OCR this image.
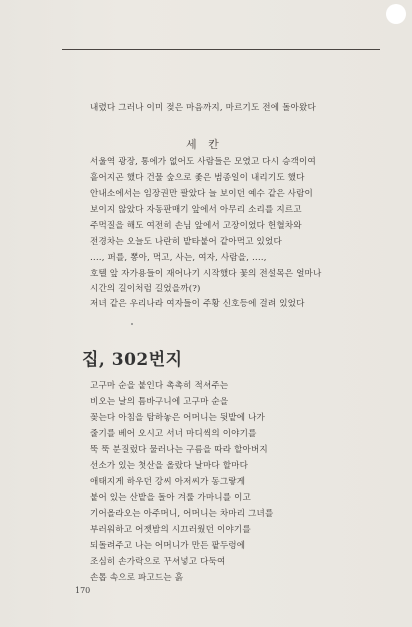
내렸다 그러나 이미 젖은 마음까지, 마르기도 전에 돌아왔다
세 칸
서울역 광장, 통에가 없어도 사람들은 모였고 다시 승객이여
흩어지곤 했다 건물 숲으로 좇은 범종일이 내리기도 했다
안내소에서는 임장권만 팔았다 늘 보이던 예수 같은 사람이
보이지 않았다 자동판매기 앞에서 아무리 소리를 지르고
주먹질을 해도 여전히 손님 앞에서 고장이었다 헌혈차와
전경차는 오늘도 나란히 밭타붙어 같아먹고 있었다
‥‥, 퍼를, 뽕아, 먹고, 사는, 여자, 사람을, ‥‥,
호텔 앞 자가용들이 재어나기 시작했다 꽃의 전설목은 얼마나
시간의 길이처럼 길었을까(?)
저녀 같은 우리나라 여자들이 주황 신호등에 걸려 있었다
집, 302번지
고구마 순을 붙인다 촉촉히 적셔주는
비오는 날의 틈바구니에 고구마 순을
꽂는다 아침을 탐하놓은 어머니는 뒷밭에 나가
줄기를 베어 오시고 서너 마디씩의 이야기를
뚝 뚝 분질렀다 물러나는 구름을 따라 할아버지
선소가 있는 첫산을 올랐다 날마다 할마다
애태지게 하우던 강씨 아저씨가 동그랗게
붙어 있는 산밭을 돌아 겨룰 가마니를 이고
기어올라오는 아주머니, 어머니는 차마리 그녀를
부러워하고 어젯밤의 시끄러웠던 이야기를
되돌려주고 나는 어머니가 만든 팥두렁에
조심히 손가락으로 꾸셔넣고 다둑여
손톱 속으로 파고드는 흙
170
